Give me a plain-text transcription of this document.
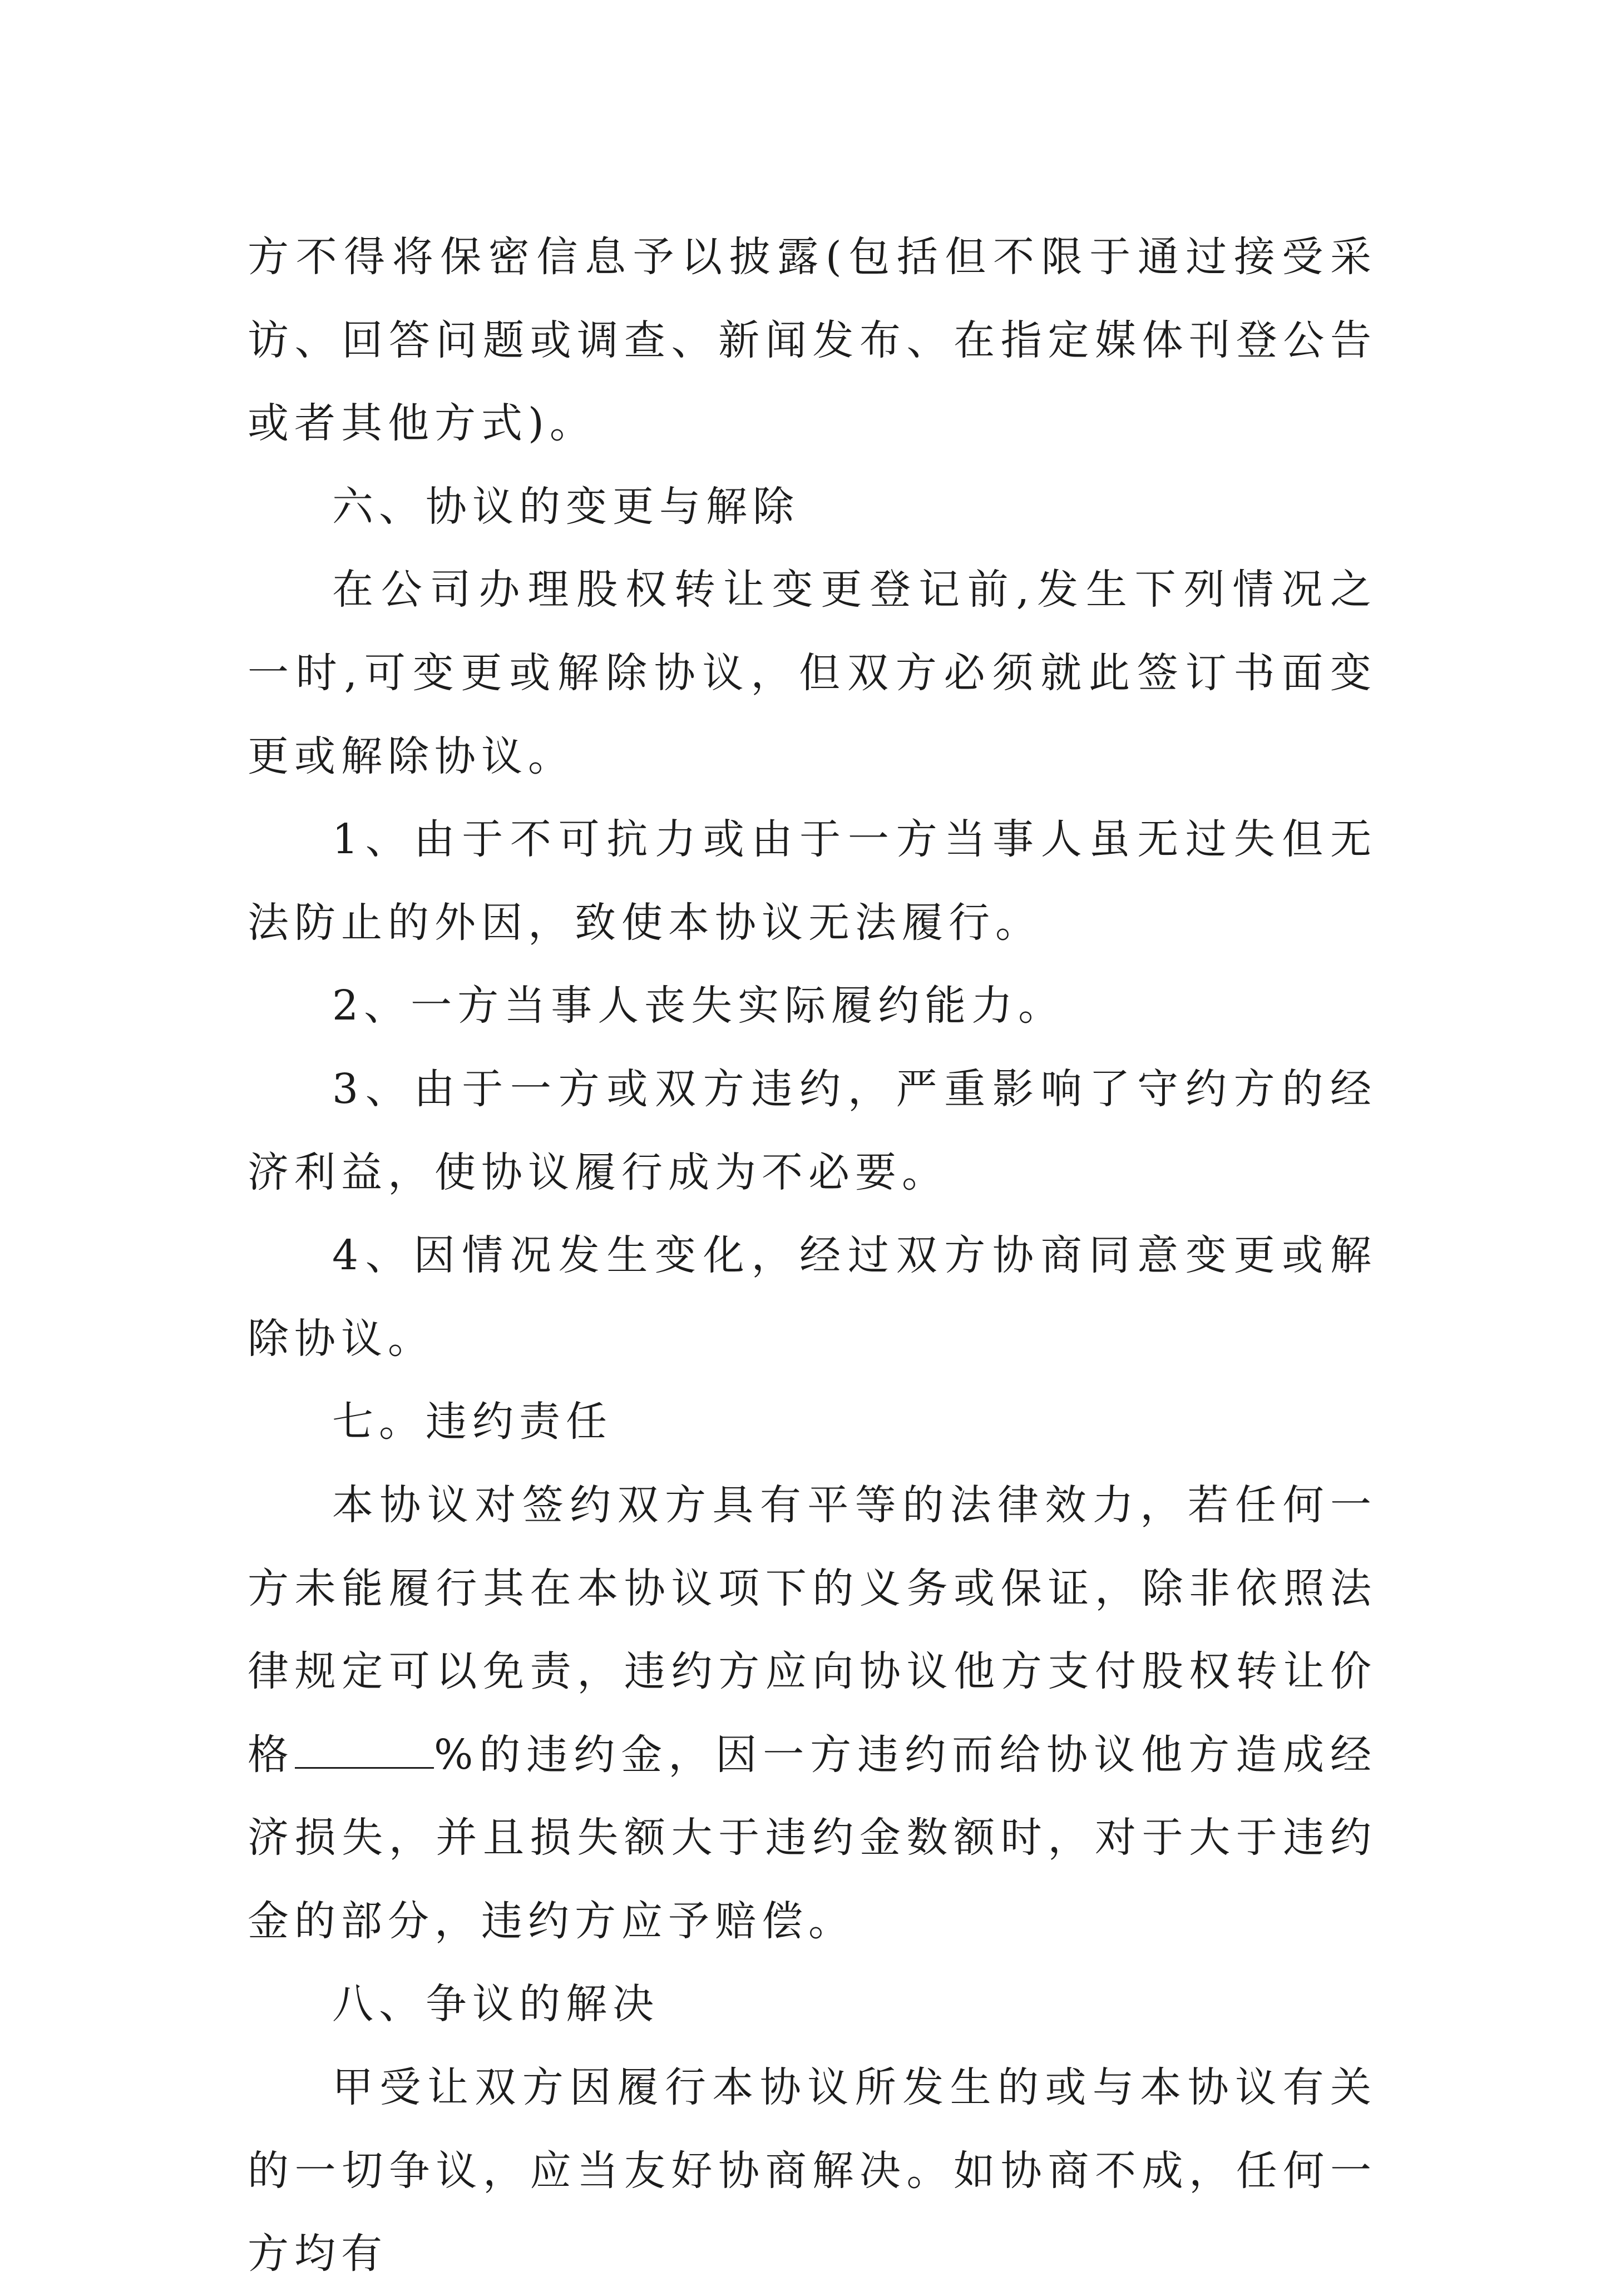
方不得将保密信息予以披露(包括但不限于通过接受采访、回答问题或调查、新闻发布、在指定媒体刊登公告或者其他方式)。

六、协议的变更与解除

在公司办理股权转让变更登记前,发生下列情况之一时,可变更或解除协议，但双方必须就此签订书面变更或解除协议。

1、由于不可抗力或由于一方当事人虽无过失但无法防止的外因，致使本协议无法履行。

2、一方当事人丧失实际履约能力。

3、由于一方或双方违约，严重影响了守约方的经济利益，使协议履行成为不必要。

4、因情况发生变化，经过双方协商同意变更或解除协议。

七。违约责任

本协议对签约双方具有平等的法律效力，若任何一方未能履行其在本协议项下的义务或保证，除非依照法律规定可以免责，违约方应向协议他方支付股权转让价格	%的违约金，因一方违约而给协议他方造成经济损失，并且损失额大于违约金数额时，对于大于违约金的部分，违约方应予赔偿。

八、争议的解决

甲受让双方因履行本协议所发生的或与本协议有关的一切争议，应当友好协商解决。如协商不成，任何一方均有
